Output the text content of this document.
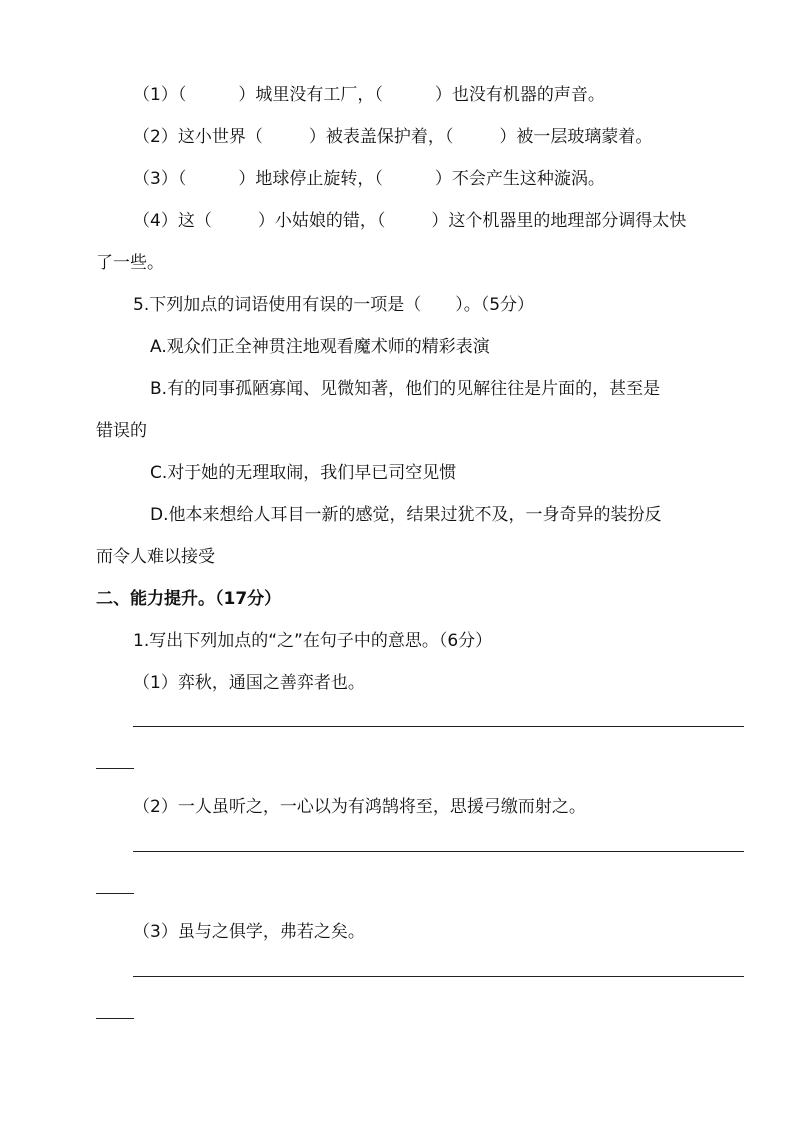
（1）（	）城里没有工厂，（	）也没有机器的声音。
（2）这小世界（	）被表盖保护着，（	）被一层玻璃蒙着。
（3）（	）地球停止旋转，（	）不会产生这种漩涡。
（4）这（	）小姑娘的错，（	）这个机器里的地理部分调得太快
了一些。
5.下列加点的词语使用有误的一项是（　　）。（5分）
A.观众们正全神贯注地观看魔术师的精彩表演
B.有的同事孤陋寡闻、见微知著，他们的见解往往是片面的，甚至是
错误的
C.对于她的无理取闹，我们早已司空见惯
D.他本来想给人耳目一新的感觉，结果过犹不及，一身奇异的装扮反
而令人难以接受
二、能力提升。（17分）
1.写出下列加点的“之”在句子中的意思。（6分）
（1）弈秋，通国之善弈者也。
（2）一人虽听之，一心以为有鸿鹄将至，思援弓缴而射之。
（3）虽与之俱学，弗若之矣。
